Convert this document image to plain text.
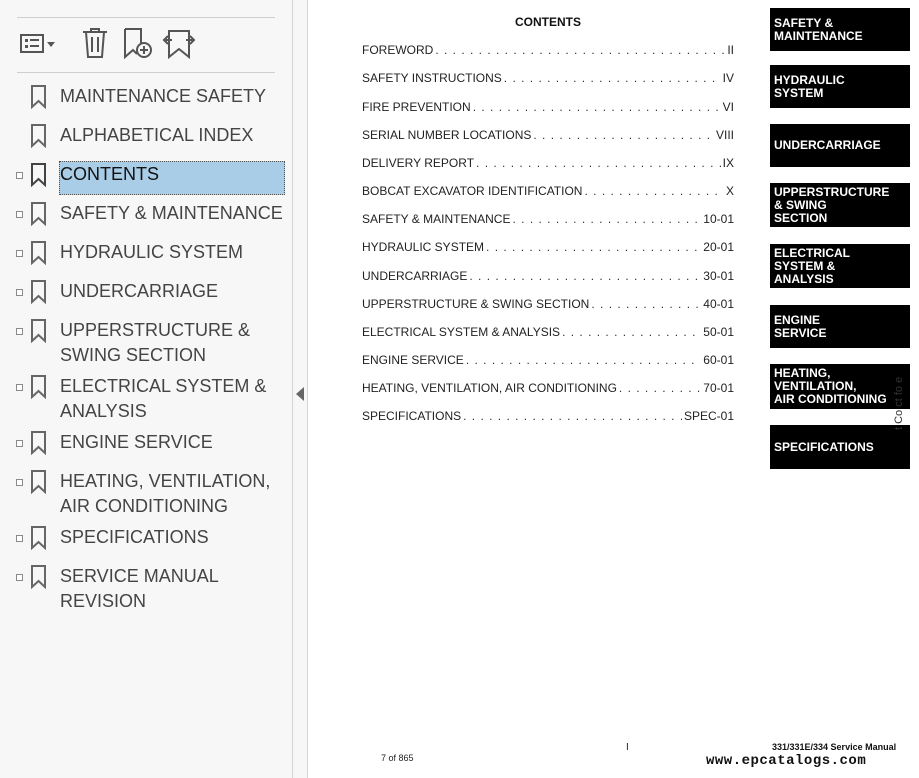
MAINTENANCE SAFETY
ALPHABETICAL INDEX
CONTENTS
SAFETY & MAINTENANCE
HYDRAULIC SYSTEM
UNDERCARRIAGE
UPPERSTRUCTURE &
SWING SECTION
ELECTRICAL SYSTEM &
ANALYSIS
ENGINE SERVICE
HEATING, VENTILATION,
AIR CONDITIONING
SPECIFICATIONS
SERVICE MANUAL
REVISION
CONTENTS
FOREWORD . . .	II
SAFETY INSTRUCTIONS . . .	IV
FIRE PREVENTION . . .	VI
SERIAL NUMBER LOCATIONS . . .	VIII
DELIVERY REPORT . . .	IX
BOBCAT EXCAVATOR IDENTIFICATION . . .	X
SAFETY & MAINTENANCE . . .	10-01
HYDRAULIC SYSTEM . . .	20-01
UNDERCARRIAGE . . .	30-01
UPPERSTRUCTURE & SWING SECTION . . .	40-01
ELECTRICAL SYSTEM & ANALYSIS . . .	50-01
ENGINE SERVICE . . .	60-01
HEATING, VENTILATION, AIR CONDITIONING . . .	70-01
SPECIFICATIONS . . .	SPEC-01
SAFETY &
MAINTENANCE
HYDRAULIC
SYSTEM
UNDERCARRIAGE
UPPERSTRUCTURE
& SWING
SECTION
ELECTRICAL
SYSTEM &
ANALYSIS
ENGINE
SERVICE
HEATING,
VENTILATION,
AIR CONDITIONING
SPECIFICATIONS
t Co ct fo e
7 of 865
I	331/331E/334 Service Manual
www.epcatalogs.com
